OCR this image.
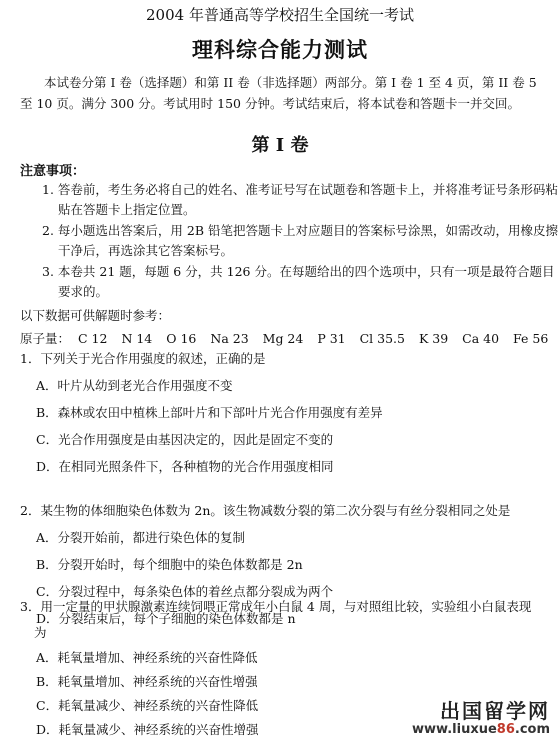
2004 年普通高等学校招生全国统一考试
理科综合能力测试
本试卷分第 I 卷（选择题）和第 II 卷（非选择题）两部分。第 I 卷 1 至 4 页，第 II 卷 5 至 10 页。满分 300 分。考试用时 150 分钟。考试结束后，将本试卷和答题卡一并交回。
第 I 卷
注意事项：
1. 答卷前，考生务必将自己的姓名、准考证号写在试题卷和答题卡上，并将准考证号条形码粘贴在答题卡上指定位置。
2. 每小题选出答案后，用 2B 铅笔把答题卡上对应题目的答案标号涂黑，如需改动，用橡皮擦干净后，再选涂其它答案标号。
3. 本卷共 21 题，每题 6 分，共 126 分。在每题给出的四个选项中，只有一项是最符合题目要求的。
以下数据可供解题时参考：
原子量： C 12 N 14 O 16 Na 23 Mg 24 P 31 Cl 35.5 K 39 Ca 40 Fe 56
1．下列关于光合作用强度的叙述，正确的是
A．叶片从幼到老光合作用强度不变
B．森林或农田中植株上部叶片和下部叶片光合作用强度有差异
C．光合作用强度是由基因决定的，因此是固定不变的
D．在相同光照条件下，各种植物的光合作用强度相同
2．某生物的体细胞染色体数为 2n。该生物减数分裂的第二次分裂与有丝分裂相同之处是
A．分裂开始前，都进行染色体的复制
B．分裂开始时，每个细胞中的染色体数都是 2n
C．分裂过程中，每条染色体的着丝点都分裂成为两个
D．分裂结束后，每个子细胞的染色体数都是 n
3．用一定量的甲状腺激素连续饲喂正常成年小白鼠 4 周，与对照组比较，实验组小白鼠表现
为
A．耗氧量增加、神经系统的兴奋性降低
B．耗氧量增加、神经系统的兴奋性增强
C．耗氧量减少、神经系统的兴奋性降低
D．耗氧量减少、神经系统的兴奋性增强
出国留学网
www.liuxue86.com
